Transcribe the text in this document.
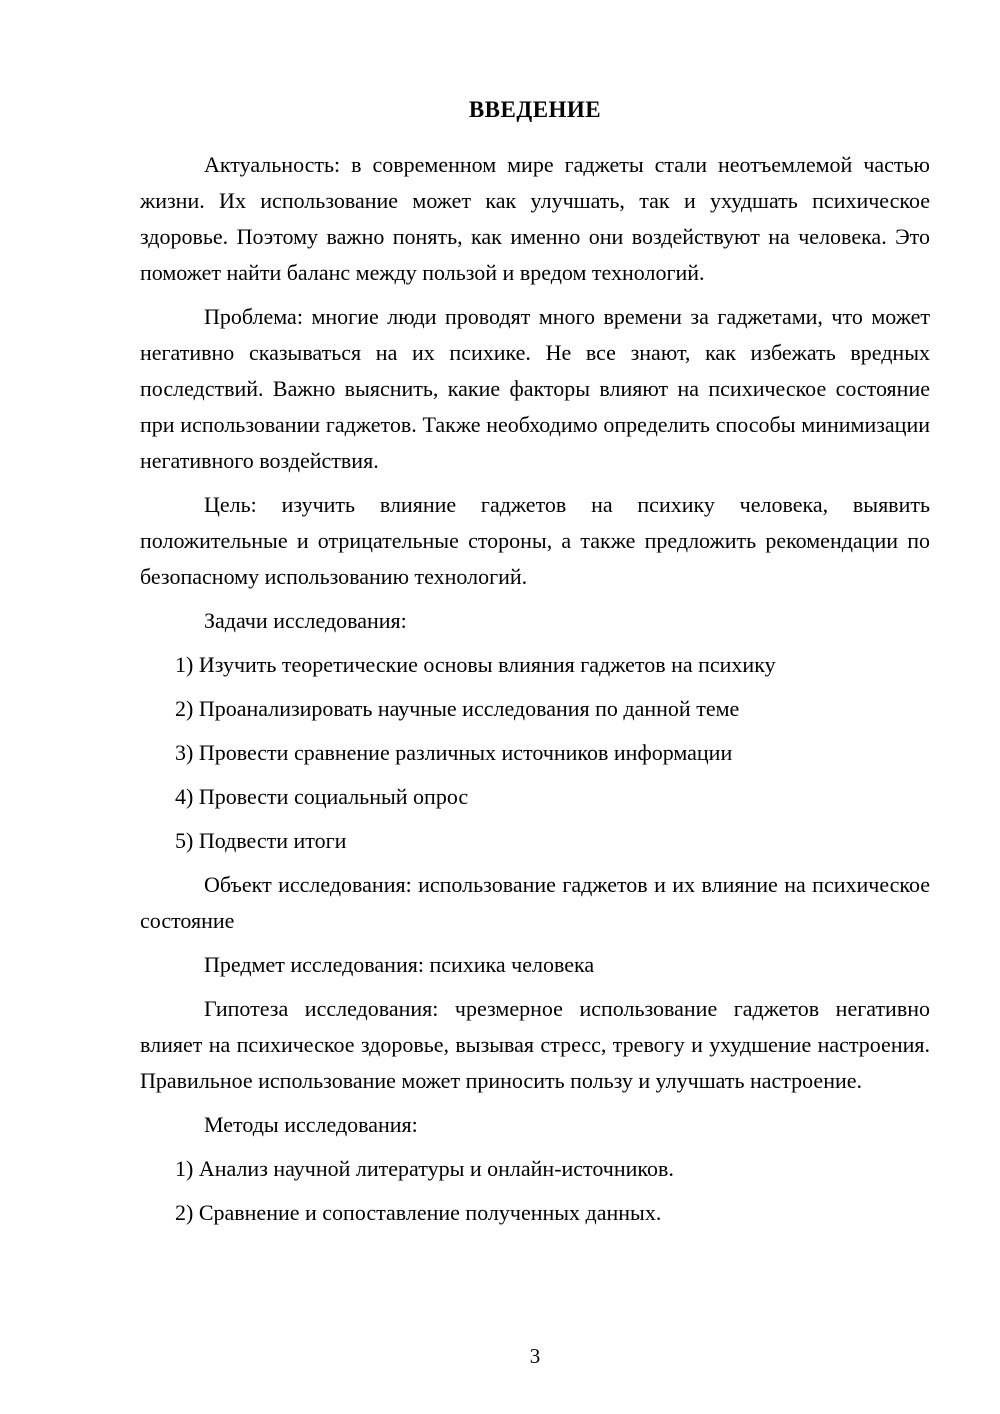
ВВЕДЕНИЕ

Актуальность: в современном мире гаджеты стали неотъемлемой частью жизни. Их использование может как улучшать, так и ухудшать психическое здоровье. Поэтому важно понять, как именно они воздействуют на человека. Это поможет найти баланс между пользой и вредом технологий.

Проблема: многие люди проводят много времени за гаджетами, что может негативно сказываться на их психике. Не все знают, как избежать вредных последствий. Важно выяснить, какие факторы влияют на психическое состояние при использовании гаджетов. Также необходимо определить способы минимизации негативного воздействия.

Цель: изучить влияние гаджетов на психику человека, выявить положительные и отрицательные стороны, а также предложить рекомендации по безопасному использованию технологий.

Задачи исследования:

1) Изучить теоретические основы влияния гаджетов на психику
2) Проанализировать научные исследования по данной теме
3) Провести сравнение различных источников информации
4) Провести социальный опрос
5) Подвести итоги

Объект исследования: использование гаджетов и их влияние на психическое состояние

Предмет исследования: психика человека

Гипотеза исследования: чрезмерное использование гаджетов негативно влияет на психическое здоровье, вызывая стресс, тревогу и ухудшение настроения. Правильное использование может приносить пользу и улучшать настроение.

Методы исследования:

1) Анализ научной литературы и онлайн-источников.
2) Сравнение и сопоставление полученных данных.
3
